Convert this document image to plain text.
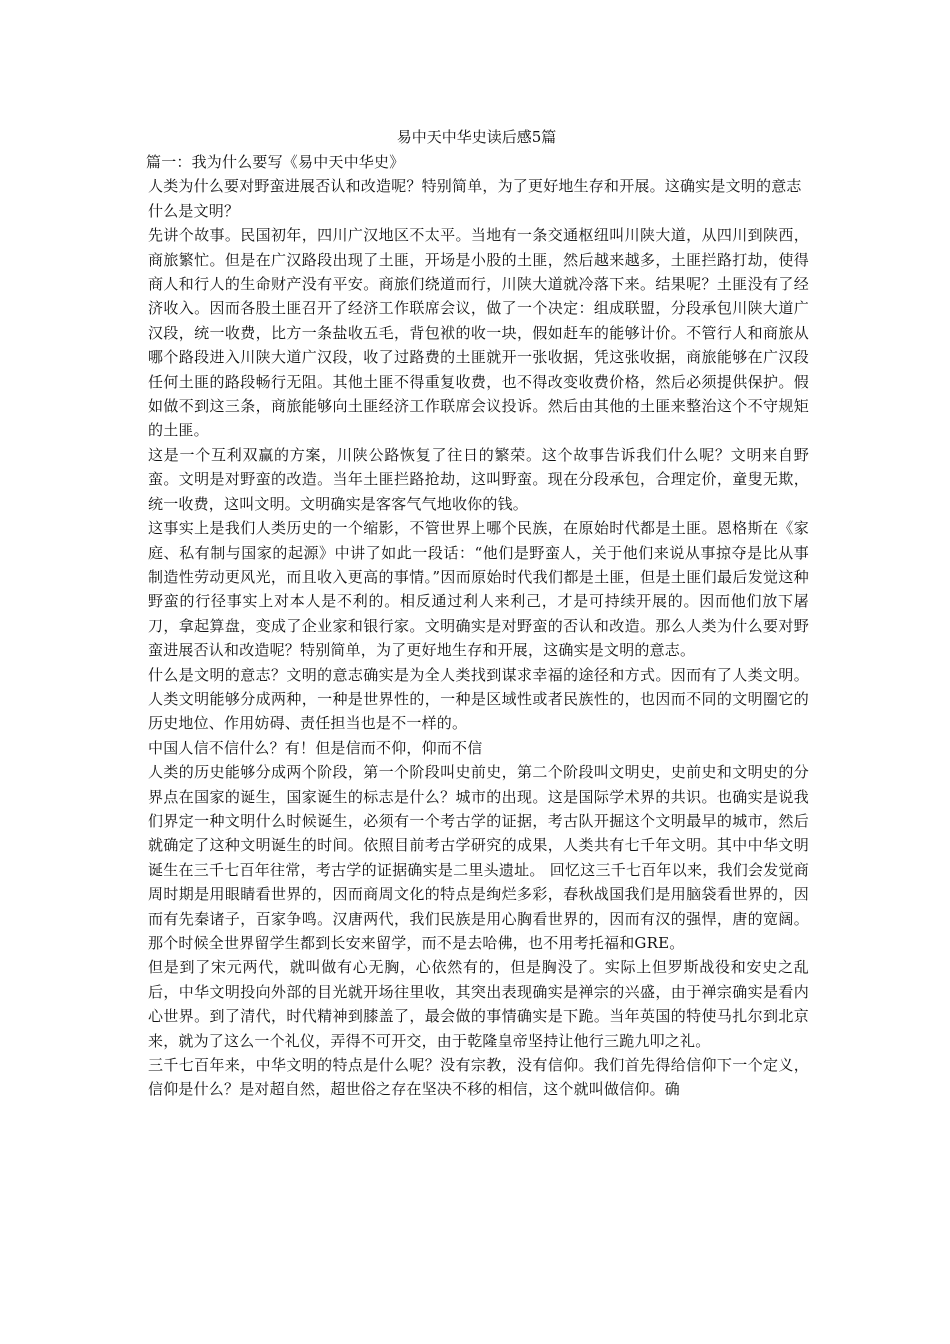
易中天中华史读后感5篇

篇一：我为什么要写《易中天中华史》

人类为什么要对野蛮进展否认和改造呢？特别简单，为了更好地生存和开展。这确实是文明的意志

什么是文明？

先讲个故事。民国初年，四川广汉地区不太平。当地有一条交通枢纽叫川陕大道，从四川到陕西，商旅繁忙。但是在广汉路段出现了土匪，开场是小股的土匪，然后越来越多，土匪拦路打劫，使得商人和行人的生命财产没有平安。商旅们绕道而行，川陕大道就冷落下来。结果呢？土匪没有了经济收入。因而各股土匪召开了经济工作联席会议，做了一个决定：组成联盟，分段承包川陕大道广汉段，统一收费，比方一条盐收五毛，背包袱的收一块，假如赶车的能够计价。不管行人和商旅从哪个路段进入川陕大道广汉段，收了过路费的土匪就开一张收据，凭这张收据，商旅能够在广汉段任何土匪的路段畅行无阻。其他土匪不得重复收费，也不得改变收费价格，然后必须提供保护。假如做不到这三条，商旅能够向土匪经济工作联席会议投诉。然后由其他的土匪来整治这个不守规矩的土匪。

这是一个互利双赢的方案，川陕公路恢复了往日的繁荣。这个故事告诉我们什么呢？文明来自野蛮。文明是对野蛮的改造。当年土匪拦路抢劫，这叫野蛮。现在分段承包，合理定价，童叟无欺，统一收费，这叫文明。文明确实是客客气气地收你的钱。

这事实上是我们人类历史的一个缩影，不管世界上哪个民族，在原始时代都是土匪。恩格斯在《家庭、私有制与国家的起源》中讲了如此一段话：“他们是野蛮人，关于他们来说从事掠夺是比从事制造性劳动更风光，而且收入更高的事情。”因而原始时代我们都是土匪，但是土匪们最后发觉这种野蛮的行径事实上对本人是不利的。相反通过利人来利己，才是可持续开展的。因而他们放下屠刀，拿起算盘，变成了企业家和银行家。文明确实是对野蛮的否认和改造。那么人类为什么要对野蛮进展否认和改造呢？特别简单，为了更好地生存和开展，这确实是文明的意志。

什么是文明的意志？文明的意志确实是为全人类找到谋求幸福的途径和方式。因而有了人类文明。人类文明能够分成两种，一种是世界性的，一种是区域性或者民族性的，也因而不同的文明圈它的历史地位、作用妨碍、责任担当也是不一样的。

中国人信不信什么？有！但是信而不仰，仰而不信

人类的历史能够分成两个阶段，第一个阶段叫史前史，第二个阶段叫文明史，史前史和文明史的分界点在国家的诞生，国家诞生的标志是什么？城市的出现。这是国际学术界的共识。也确实是说我们界定一种文明什么时候诞生，必须有一个考古学的证据，考古队开掘这个文明最早的城市，然后就确定了这种文明诞生的时间。依照目前考古学研究的成果，人类共有七千年文明。其中中华文明诞生在三千七百年往常，考古学的证据确实是二里头遗址。 回忆这三千七百年以来，我们会发觉商周时期是用眼睛看世界的，因而商周文化的特点是绚烂多彩，春秋战国我们是用脑袋看世界的，因而有先秦诸子，百家争鸣。汉唐两代，我们民族是用心胸看世界的，因而有汉的强悍，唐的宽阔。那个时候全世界留学生都到长安来留学，而不是去哈佛，也不用考托福和GRE。

但是到了宋元两代，就叫做有心无胸，心依然有的，但是胸没了。实际上但罗斯战役和安史之乱后，中华文明投向外部的目光就开场往里收，其突出表现确实是禅宗的兴盛，由于禅宗确实是看内心世界。到了清代，时代精神到膝盖了，最会做的事情确实是下跪。当年英国的特使马扎尔到北京来，就为了这么一个礼仪，弄得不可开交，由于乾隆皇帝坚持让他行三跪九叩之礼。

三千七百年来，中华文明的特点是什么呢？没有宗教，没有信仰。我们首先得给信仰下一个定义，信仰是什么？是对超自然，超世俗之存在坚决不移的相信，这个就叫做信仰。确
